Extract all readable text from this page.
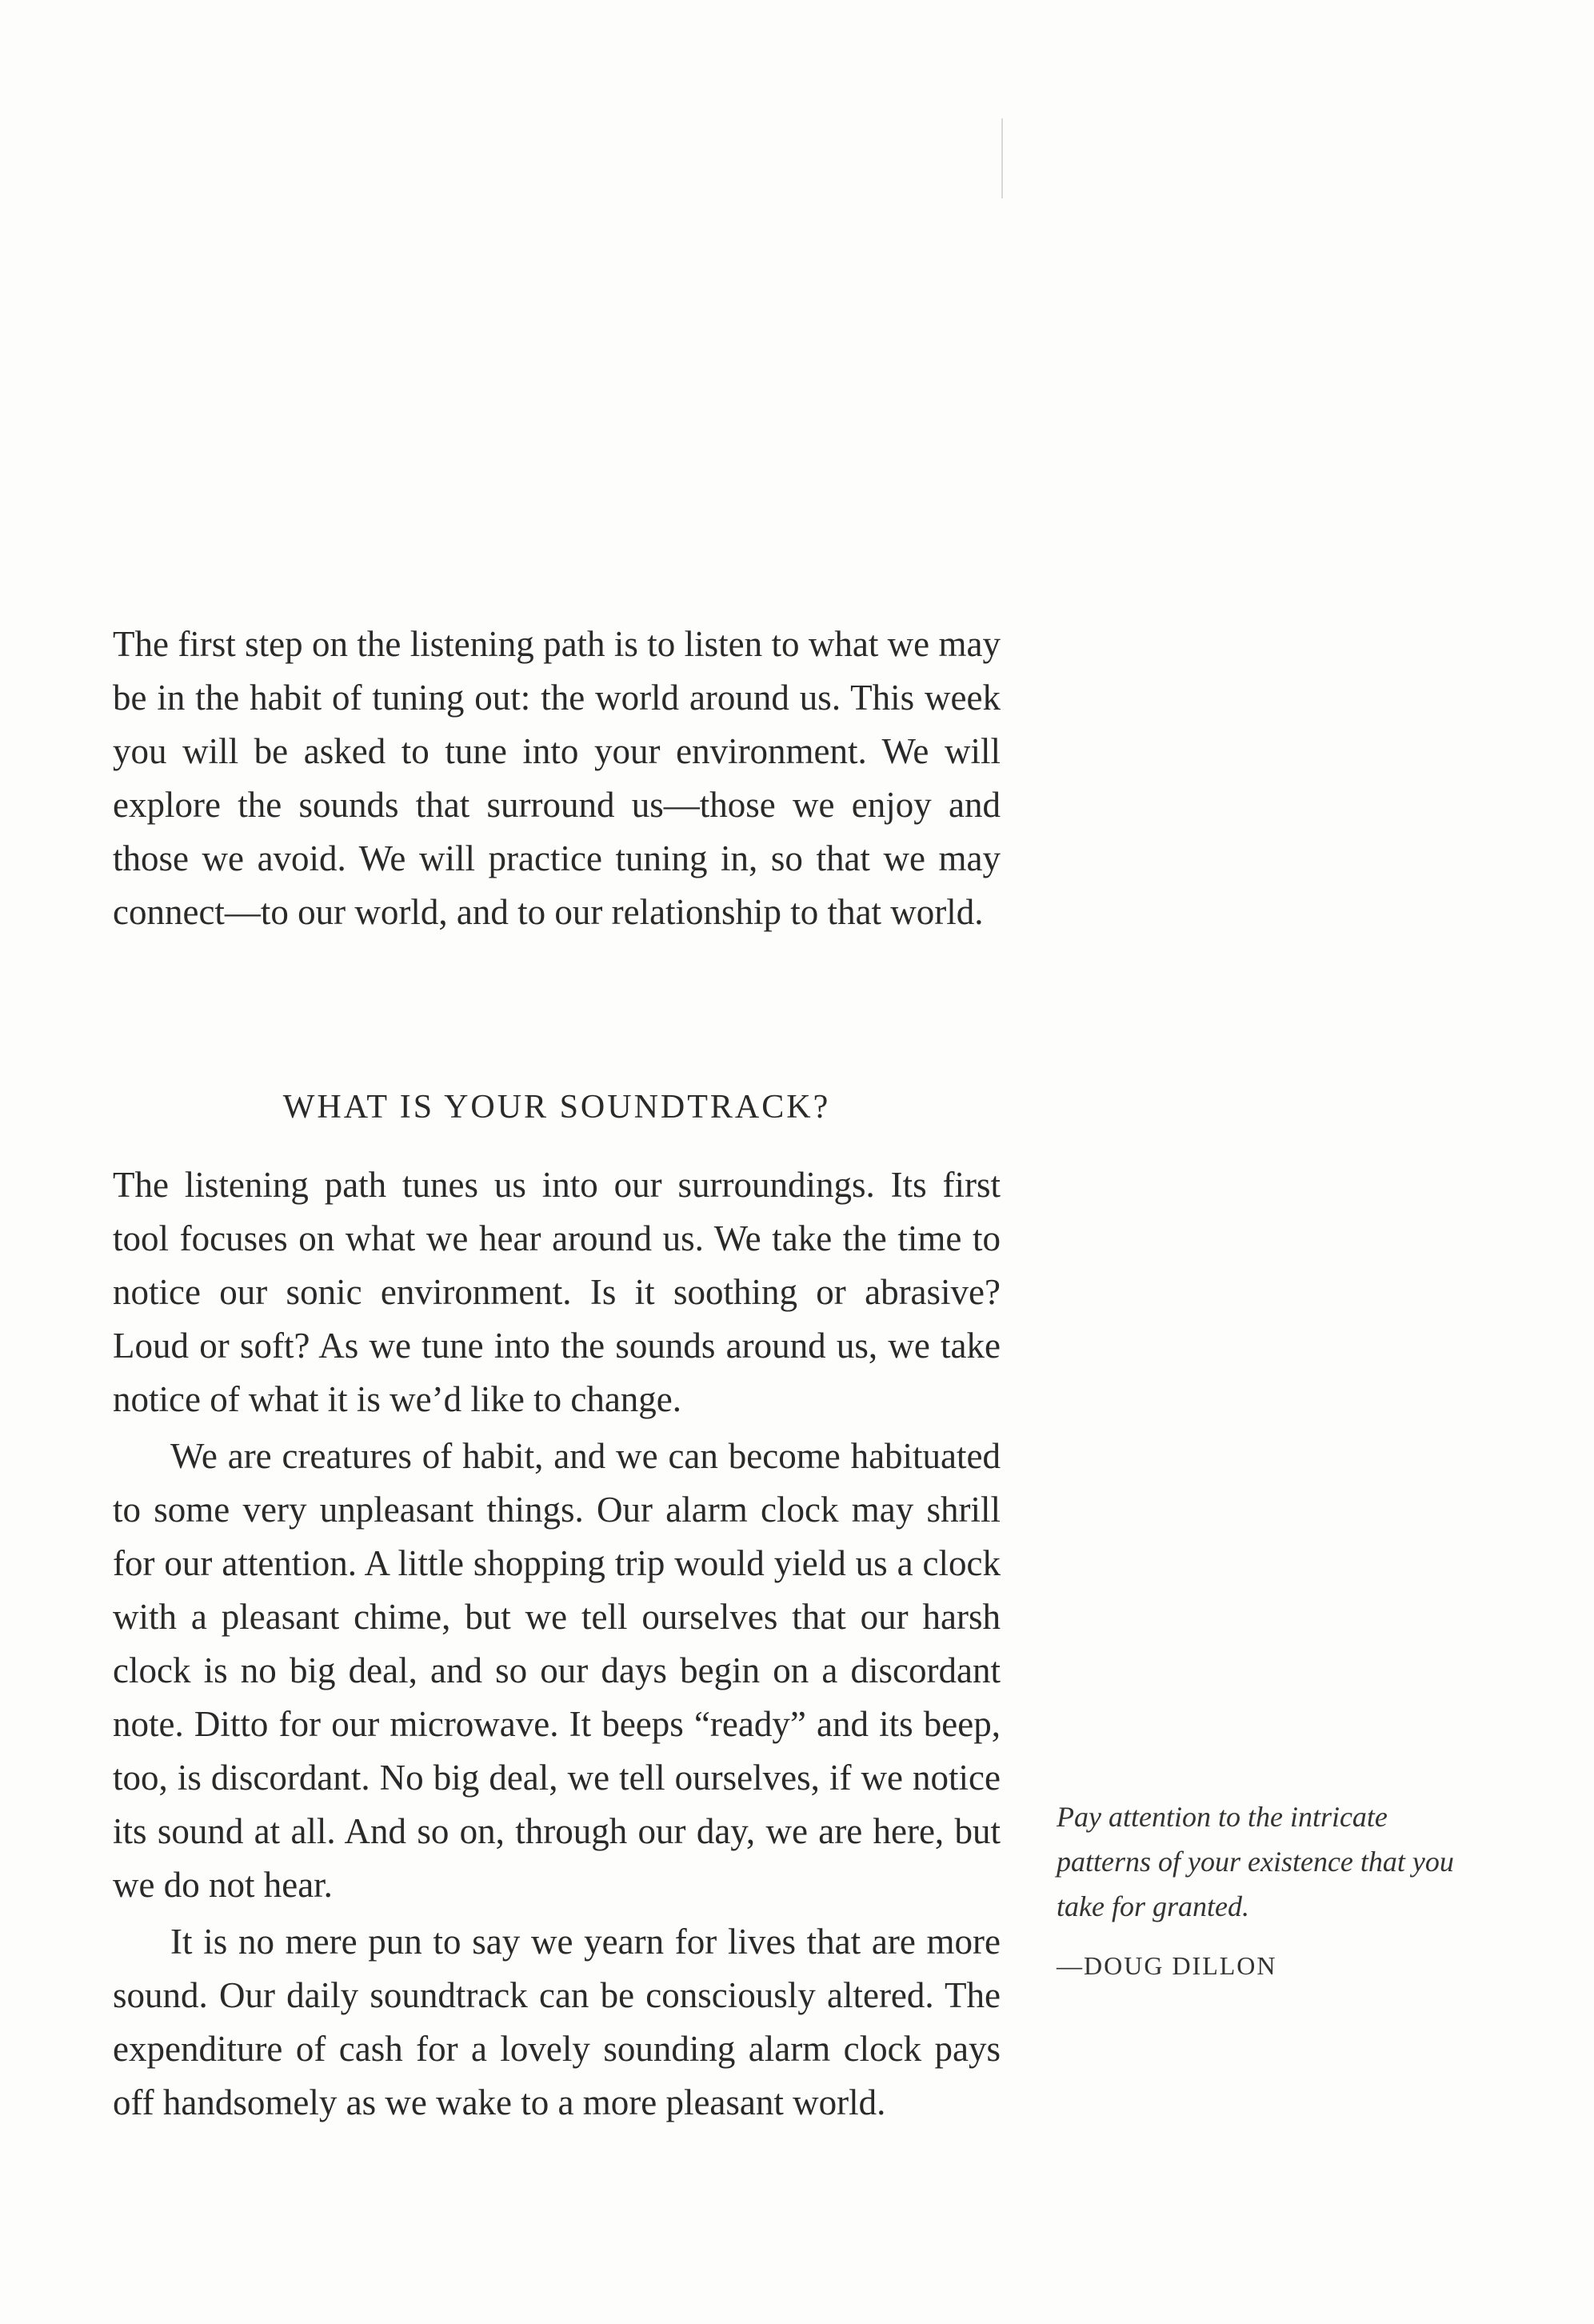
The first step on the listening path is to listen to what we may be in the habit of tuning out: the world around us. This week you will be asked to tune into your environment. We will explore the sounds that surround us—those we enjoy and those we avoid. We will practice tuning in, so that we may connect—to our world, and to our relationship to that world.

WHAT IS YOUR SOUNDTRACK?

The listening path tunes us into our surroundings. Its first tool focuses on what we hear around us. We take the time to notice our sonic environment. Is it soothing or abrasive? Loud or soft? As we tune into the sounds around us, we take notice of what it is we’d like to change.

We are creatures of habit, and we can become habituated to some very unpleasant things. Our alarm clock may shrill for our attention. A little shopping trip would yield us a clock with a pleasant chime, but we tell ourselves that our harsh clock is no big deal, and so our days begin on a discordant note. Ditto for our microwave. It beeps “ready” and its beep, too, is discordant. No big deal, we tell ourselves, if we notice its sound at all. And so on, through our day, we are here, but we do not hear.

It is no mere pun to say we yearn for lives that are more sound. Our daily soundtrack can be consciously altered. The expenditure of cash for a lovely sounding alarm clock pays off handsomely as we wake to a more pleasant world.

Pay attention to the intricate patterns of your existence that you take for granted.

—DOUG DILLON
